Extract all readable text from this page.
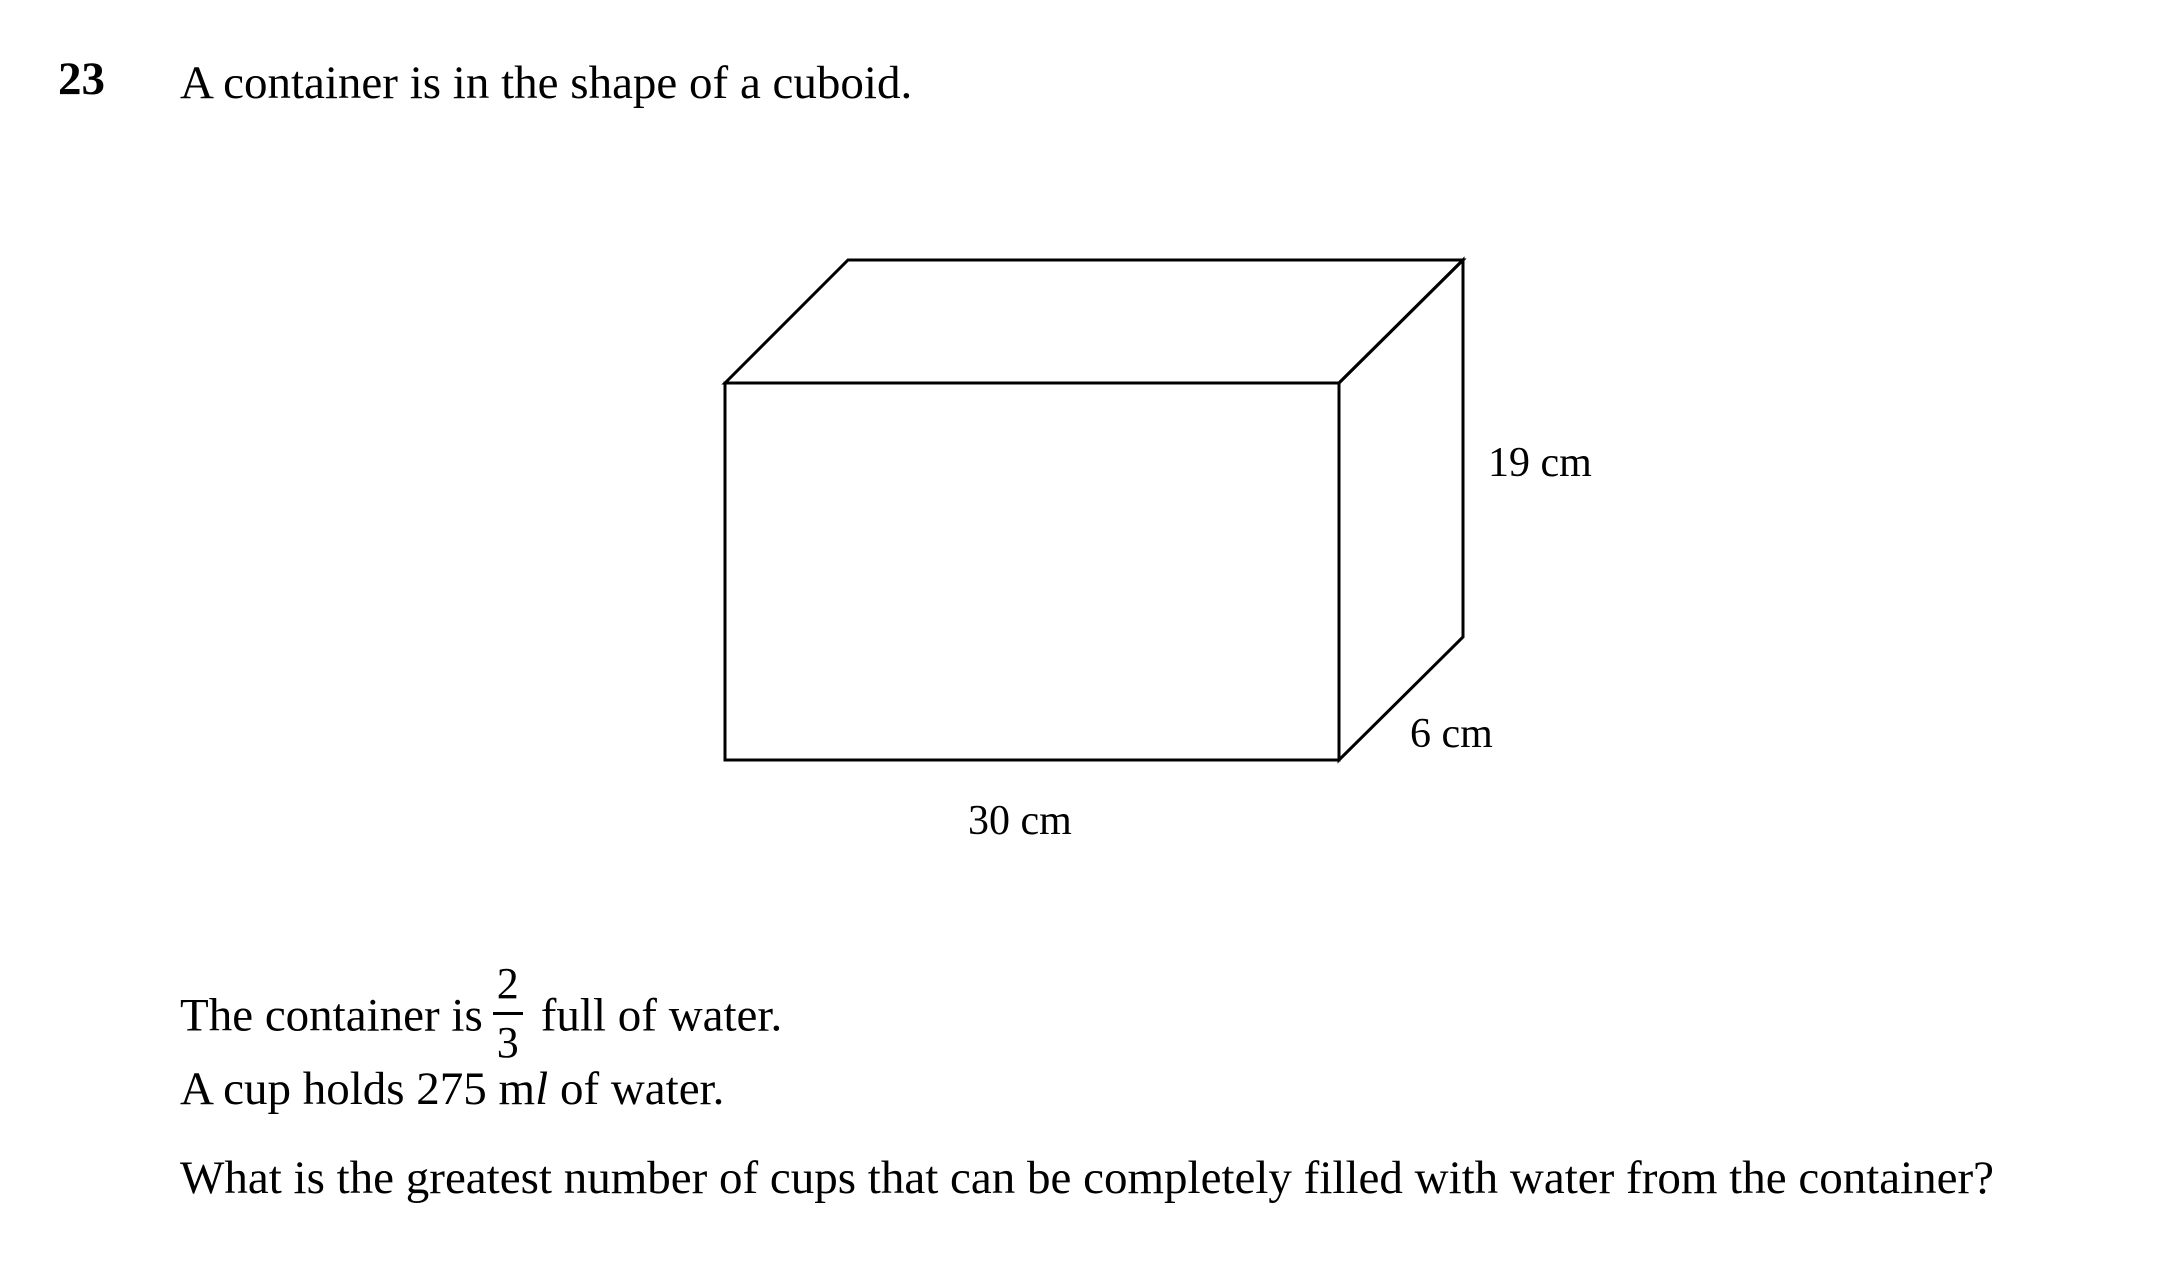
23 A container is in the shape of a cuboid.
19 cm
6 cm
30 cm
The container is $\frac{2}{3}$ full of water.
A cup holds 275 ml of water.
What is the greatest number of cups that can be completely filled with water from the container?
